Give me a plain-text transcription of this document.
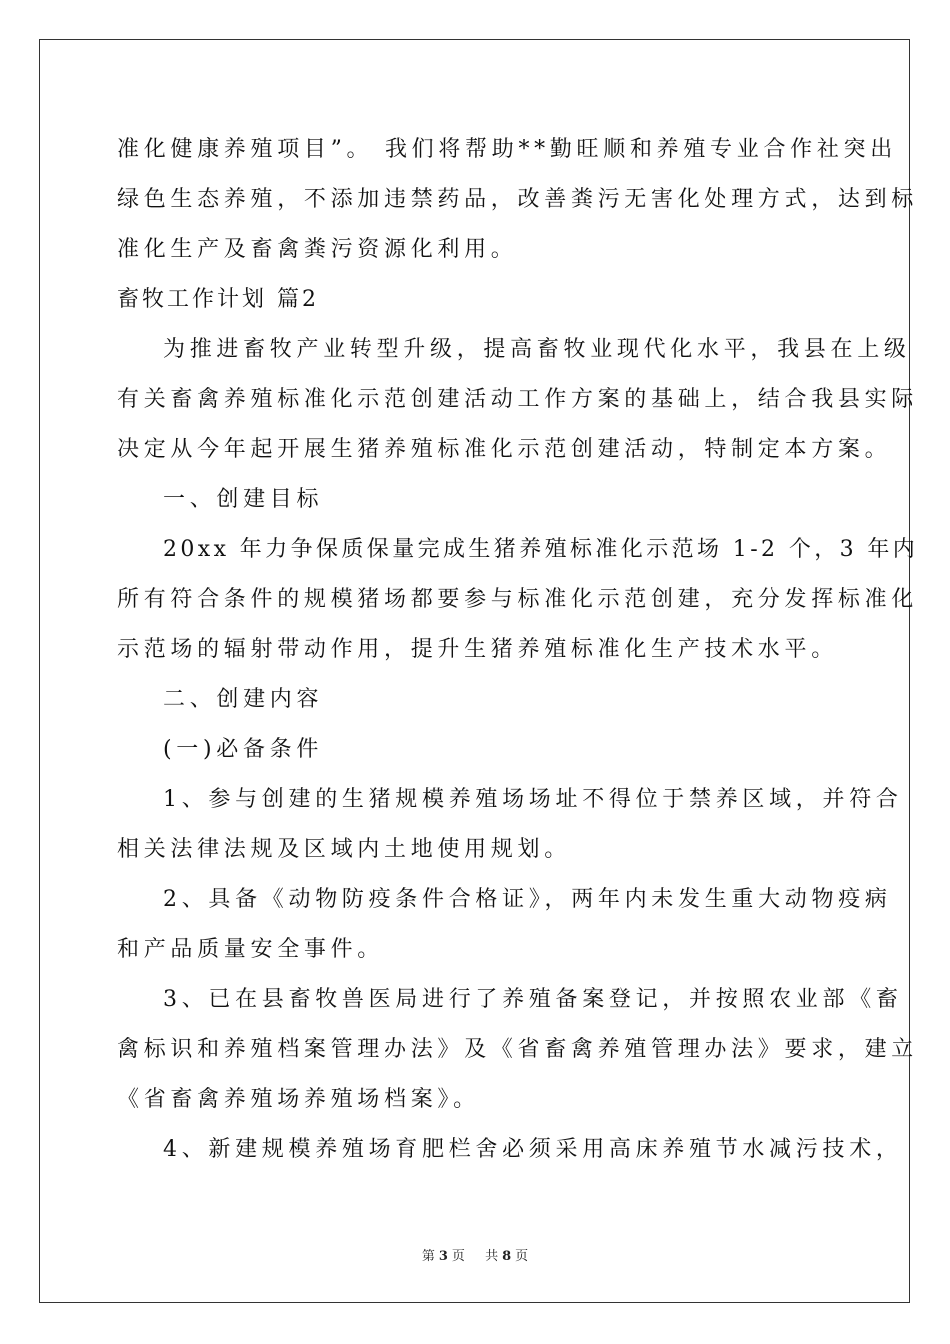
准化健康养殖项目”。 我们将帮助**勤旺顺和养殖专业合作社突出
绿色生态养殖，不添加违禁药品，改善粪污无害化处理方式，达到标
准化生产及畜禽粪污资源化利用。
畜牧工作计划 篇2
为推进畜牧产业转型升级，提高畜牧业现代化水平，我县在上级
有关畜禽养殖标准化示范创建活动工作方案的基础上，结合我县实际
决定从今年起开展生猪养殖标准化示范创建活动，特制定本方案。
一、创建目标
20xx 年力争保质保量完成生猪养殖标准化示范场 1-2 个，3 年内
所有符合条件的规模猪场都要参与标准化示范创建，充分发挥标准化
示范场的辐射带动作用，提升生猪养殖标准化生产技术水平。
二、创建内容
(一)必备条件
1、参与创建的生猪规模养殖场场址不得位于禁养区域，并符合
相关法律法规及区域内土地使用规划。
2、具备《动物防疫条件合格证》，两年内未发生重大动物疫病
和产品质量安全事件。
3、已在县畜牧兽医局进行了养殖备案登记，并按照农业部《畜
禽标识和养殖档案管理办法》及《省畜禽养殖管理办法》要求，建立
《省畜禽养殖场养殖场档案》。
4、新建规模养殖场育肥栏舍必须采用高床养殖节水减污技术，
第 3 页 共 8 页
